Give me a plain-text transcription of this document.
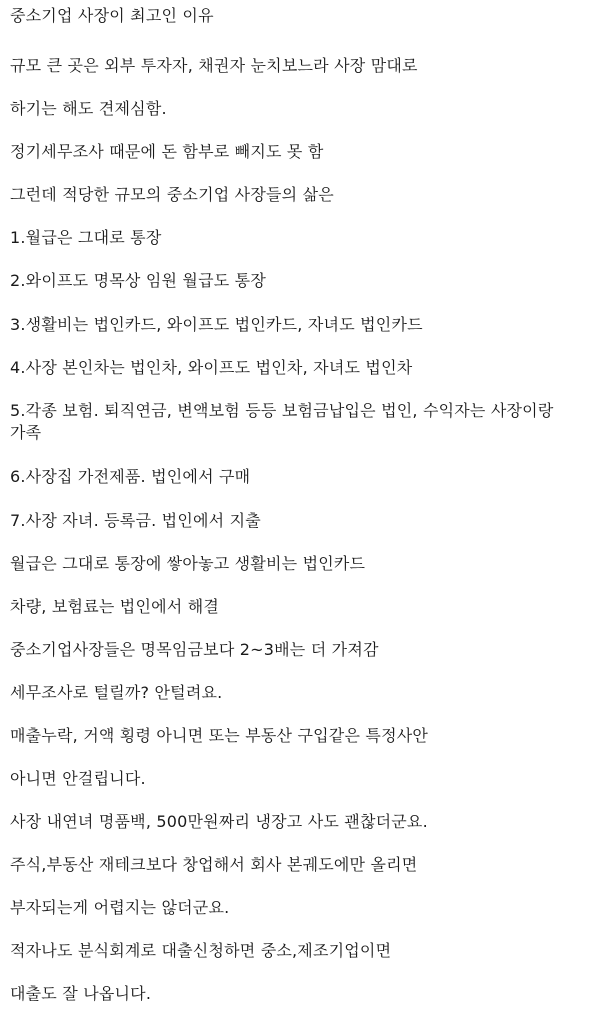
중소기업 사장이 최고인 이유

규모 큰 곳은 외부 투자자, 채권자 눈치보느라 사장 맘대로

하기는 해도 견제심함.

정기세무조사 때문에 돈 함부로 빼지도 못 함

그런데 적당한 규모의 중소기업 사장들의 삶은

1.월급은 그대로 통장

2.와이프도 명목상 임원 월급도 통장

3.생활비는 법인카드, 와이프도 법인카드, 자녀도 법인카드

4.사장 본인차는 법인차, 와이프도 법인차, 자녀도 법인차

5.각종 보험. 퇴직연금, 변액보험 등등 보험금납입은 법인, 수익자는 사장이랑

가족

6.사장집 가전제품. 법인에서 구매

7.사장 자녀. 등록금. 법인에서 지출

월급은 그대로 통장에 쌓아놓고 생활비는 법인카드

차량, 보험료는 법인에서 해결

중소기업사장들은 명목임금보다 2~3배는 더 가져감

세무조사로 털릴까? 안털려요.

매출누락, 거액 횡령 아니면 또는 부동산 구입같은 특정사안

아니면 안걸립니다.

사장 내연녀 명품백, 500만원짜리 냉장고 사도 괜찮더군요.

주식,부동산 재테크보다 창업해서 회사 본궤도에만 올리면

부자되는게 어렵지는 않더군요.

적자나도 분식회계로 대출신청하면 중소,제조기업이면

대출도 잘 나옵니다.
